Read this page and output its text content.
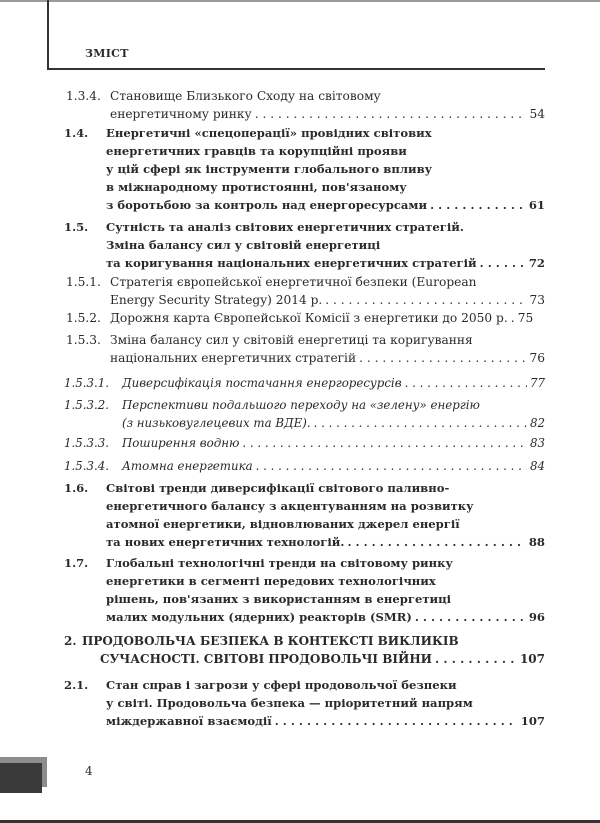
ЗМІСТ
1.3.4. Становище Близького Сходу на світовому
енергетичному ринку . . .	54
1.4. Енергетичні «спецоперації» провідних світових
енергетичних гравців та корупційні прояви
у цій сфері як інструменти глобального впливу
в міжнародному протистоянні, пов'язаному
з боротьбою за контроль над енергоресурсами . . .	61
1.5. Сутність та аналіз світових енергетичних стратегій.
Зміна балансу сил у світовій енергетиці
та коригування національних енергетичних стратегій . . .	72
1.5.1. Стратегія європейської енергетичної безпеки (European
Energy Security Strategy) 2014 р. . . .	73
1.5.2. Дорожня карта Європейської Комісії з енергетики до 2050 р. . . . 75
1.5.3. Зміна балансу сил у світовій енергетиці та коригування
національних енергетичних стратегій . . .	76
1.5.3.1. Диверсифікація постачання енергоресурсів . . .	77
1.5.3.2. Перспективи подальшого переходу на «зелену» енергію
(з низьковуглецевих та ВДЕ). . . .	82
1.5.3.3. Поширення водню . . .	83
1.5.3.4. Атомна енергетика . . .	84
1.6. Світові тренди диверсифікації світового паливно-
енергетичного балансу з акцентуванням на розвитку
атомної енергетики, відновлюваних джерел енергії
та нових енергетичних технологій. . . .	88
1.7. Глобальні технологічні тренди на світовому ринку
енергетики в сегменті передових технологічних
рішень, пов'язаних з використанням в енергетиці
малих модульних (ядерних) реакторів (SMR) . . .	96
2. ПРОДОВОЛЬЧА БЕЗПЕКА В КОНТЕКСТІ ВИКЛИКІВ
СУЧАСНОСТІ. СВІТОВІ ПРОДОВОЛЬЧІ ВІЙНИ . . .	107
2.1. Стан справ і загрози у сфері продовольчої безпеки
у світі. Продовольча безпека — пріоритетний напрям
міждержавної взаємодії . . .	107
4
